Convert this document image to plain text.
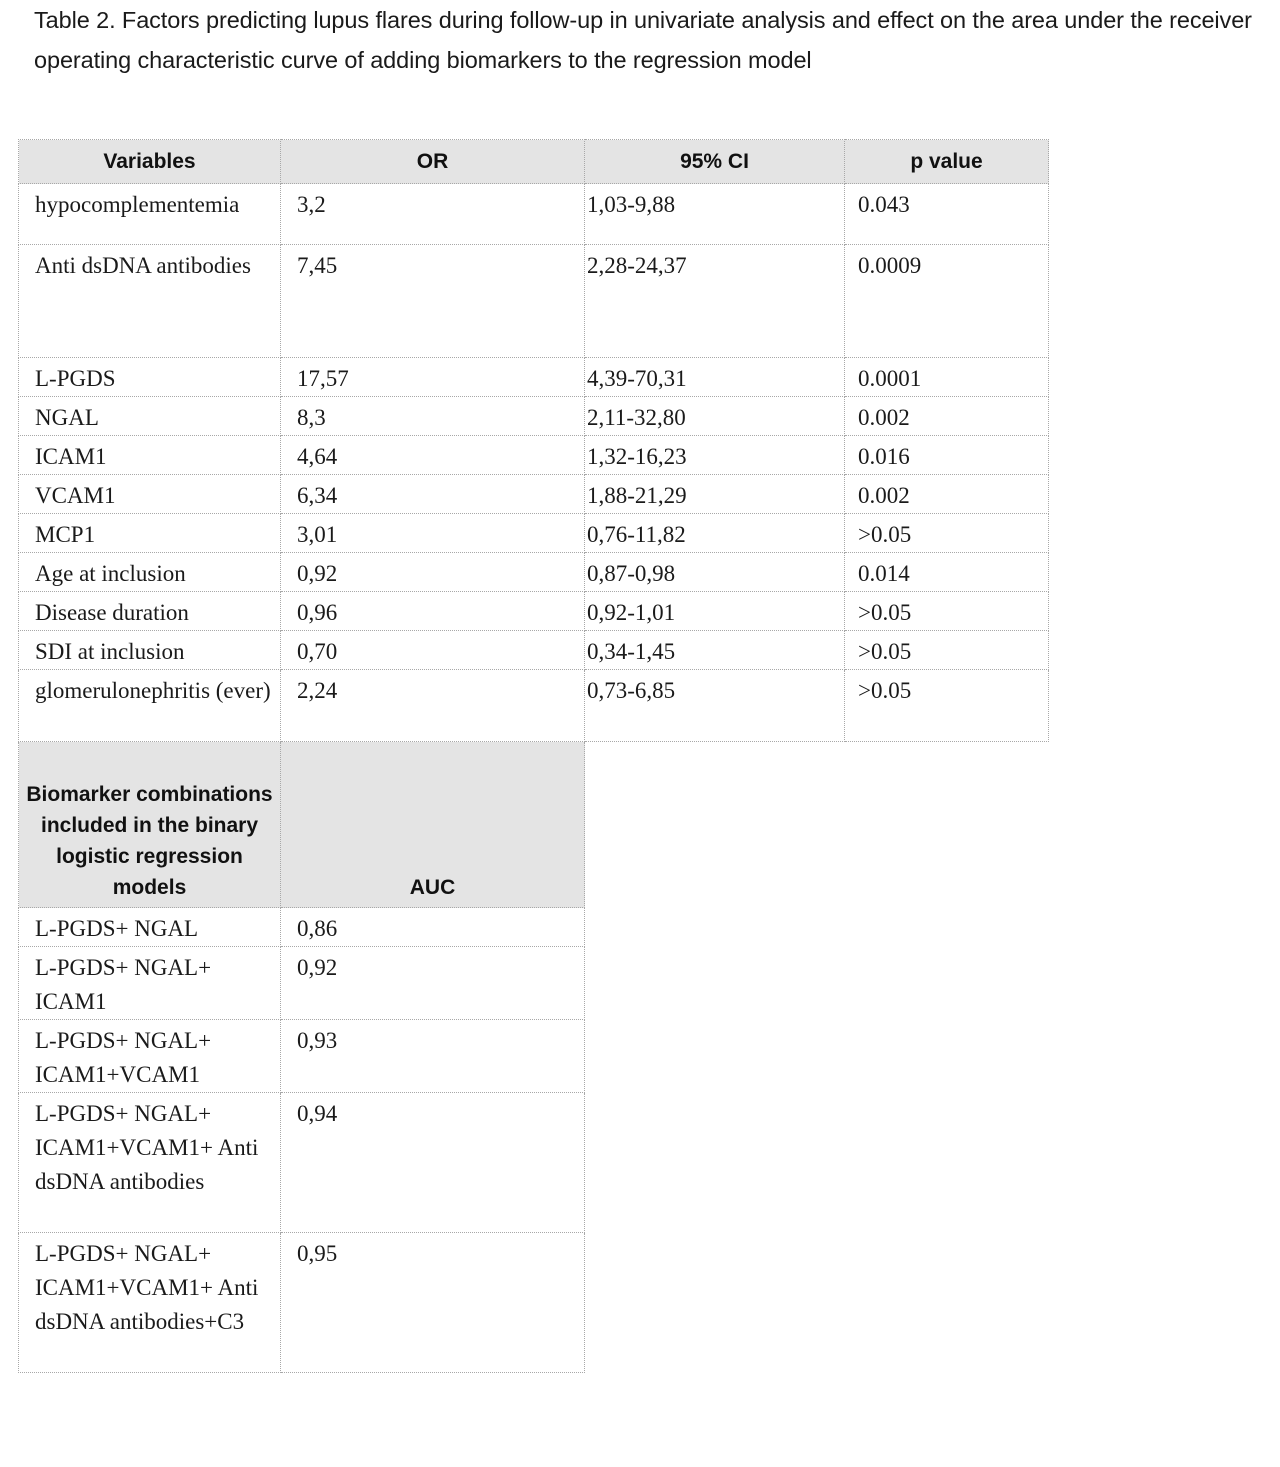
Table 2. Factors predicting lupus flares during follow-up in univariate analysis and effect on the area under the receiver operating characteristic curve of adding biomarkers to the regression model
Variables	OR	95% CI	p value
hypocomplementemia	3,2	1,03-9,88	0.043
Anti dsDNA antibodies	7,45	2,28-24,37	0.0009
L-PGDS	17,57	4,39-70,31	0.0001
NGAL	8,3	2,11-32,80	0.002
ICAM1	4,64	1,32-16,23	0.016
VCAM1	6,34	1,88-21,29	0.002
MCP1	3,01	0,76-11,82	>0.05
Age at inclusion	0,92	0,87-0,98	0.014
Disease duration	0,96	0,92-1,01	>0.05
SDI at inclusion	0,70	0,34-1,45	>0.05
glomerulonephritis (ever)	2,24	0,73-6,85	>0.05
Biomarker combinations included in the binary logistic regression models	AUC		
L-PGDS+ NGAL	0,86		
L-PGDS+ NGAL+ ICAM1	0,92		
L-PGDS+ NGAL+ ICAM1+VCAM1	0,93		
L-PGDS+ NGAL+ ICAM1+VCAM1+ Anti dsDNA antibodies	0,94		
L-PGDS+ NGAL+ ICAM1+VCAM1+ Anti dsDNA antibodies+C3	0,95		
